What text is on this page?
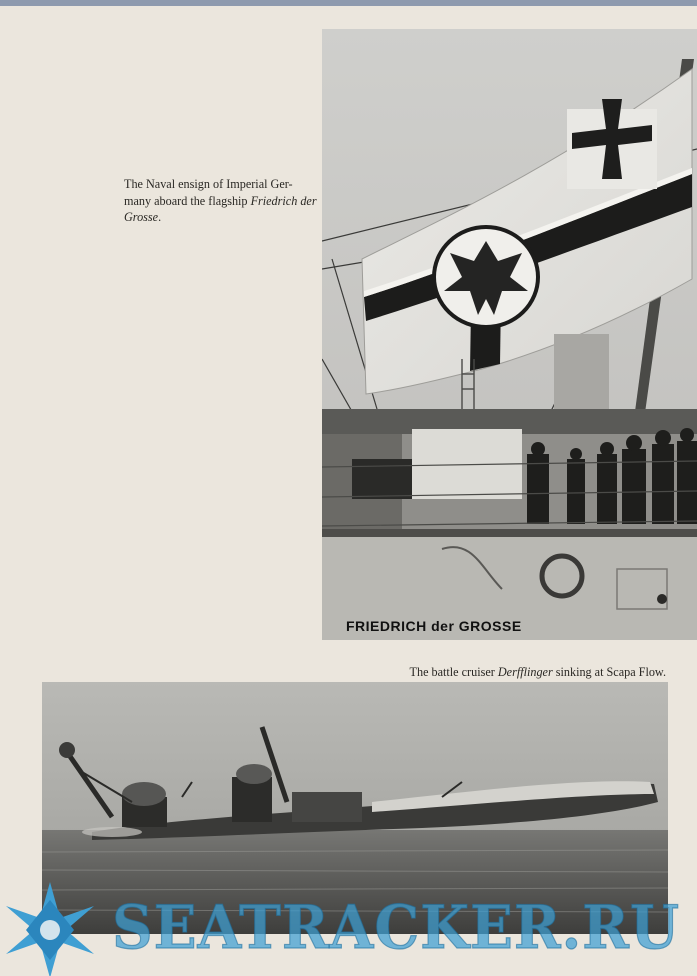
The Naval ensign of Imperial Ger-many aboard the flagship Friedrich der Grosse.
FRIEDRICH der GROSSE
The battle cruiser Derfflinger sinking at Scapa Flow.
SEATRACKER.RU
